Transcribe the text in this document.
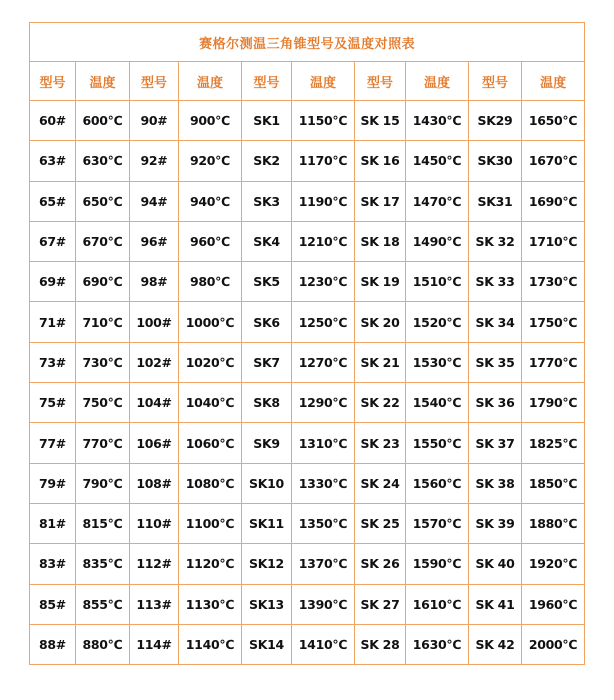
赛格尔测温三角锥型号及温度对照表									
型号	温度	型号	温度	型号	温度	型号	温度	型号	温度
60#	600℃	90#	900℃	SK1	1150℃	SK 15	1430℃	SK29	1650℃
63#	630℃	92#	920℃	SK2	1170℃	SK 16	1450℃	SK30	1670℃
65#	650℃	94#	940℃	SK3	1190℃	SK 17	1470℃	SK31	1690℃
67#	670℃	96#	960℃	SK4	1210℃	SK 18	1490℃	SK 32	1710℃
69#	690℃	98#	980℃	SK5	1230℃	SK 19	1510℃	SK 33	1730℃
71#	710℃	100#	1000℃	SK6	1250℃	SK 20	1520℃	SK 34	1750℃
73#	730℃	102#	1020℃	SK7	1270℃	SK 21	1530℃	SK 35	1770℃
75#	750℃	104#	1040℃	SK8	1290℃	SK 22	1540℃	SK 36	1790℃
77#	770℃	106#	1060℃	SK9	1310℃	SK 23	1550℃	SK 37	1825℃
79#	790℃	108#	1080℃	SK10	1330℃	SK 24	1560℃	SK 38	1850℃
81#	815℃	110#	1100℃	SK11	1350℃	SK 25	1570℃	SK 39	1880℃
83#	835℃	112#	1120℃	SK12	1370℃	SK 26	1590℃	SK 40	1920℃
85#	855℃	113#	1130℃	SK13	1390℃	SK 27	1610℃	SK 41	1960℃
88#	880℃	114#	1140℃	SK14	1410℃	SK 28	1630℃	SK 42	2000℃
